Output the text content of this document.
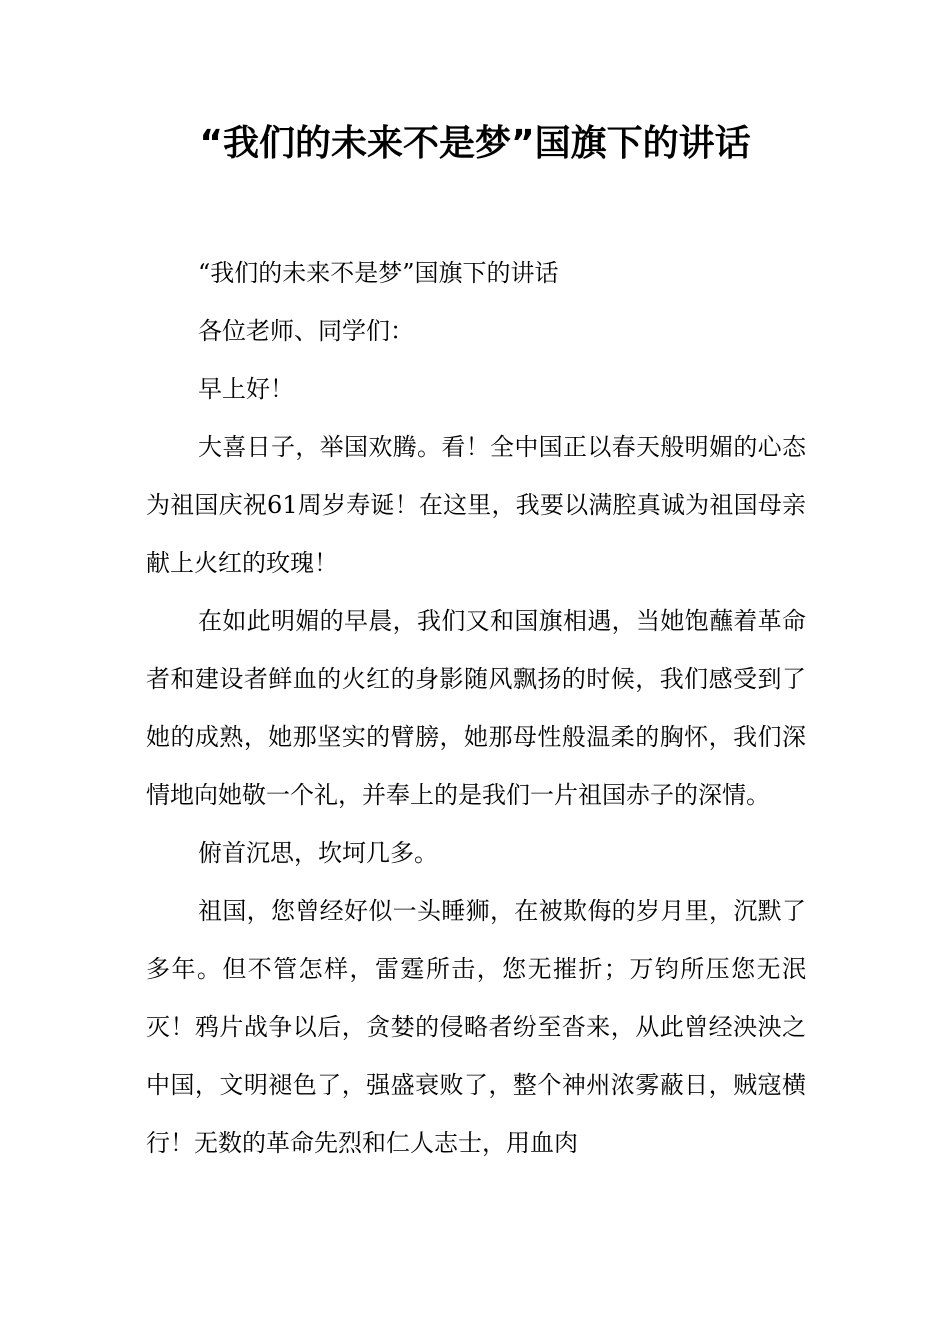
“我们的未来不是梦”国旗下的讲话

“我们的未来不是梦”国旗下的讲话

各位老师、同学们：

早上好！

大喜日子，举国欢腾。看！全中国正以春天般明媚的心态为祖国庆祝61周岁寿诞！在这里，我要以满腔真诚为祖国母亲献上火红的玫瑰！

在如此明媚的早晨，我们又和国旗相遇，当她饱蘸着革命者和建设者鲜血的火红的身影随风飘扬的时候，我们感受到了她的成熟，她那坚实的臂膀，她那母性般温柔的胸怀，我们深情地向她敬一个礼，并奉上的是我们一片祖国赤子的深情。

俯首沉思，坎坷几多。

祖国，您曾经好似一头睡狮，在被欺侮的岁月里，沉默了多年。但不管怎样，雷霆所击，您无摧折；万钧所压您无泯灭！鸦片战争以后，贪婪的侵略者纷至沓来，从此曾经泱泱之中国，文明褪色了，强盛衰败了，整个神州浓雾蔽日，贼寇横行！无数的革命先烈和仁人志士，用血肉
